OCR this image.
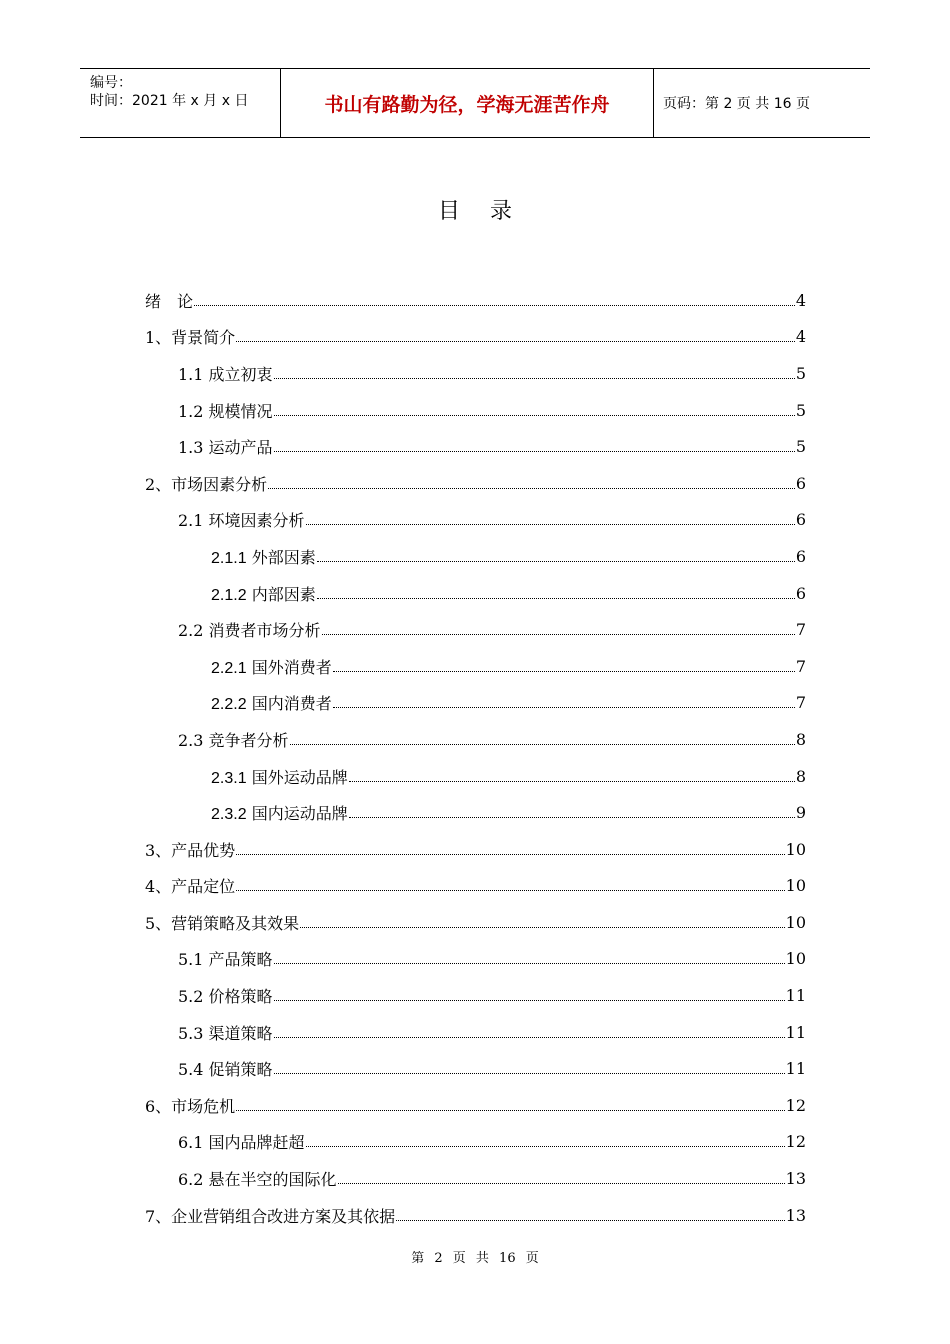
编号：
时间：2021 年 x 月 x 日	书山有路勤为径，学海无涯苦作舟	页码：第 2 页 共 16 页
目录
绪　论	4
1、背景简介	4
1.1 成立初衷	5
1.2 规模情况	5
1.3 运动产品	5
2、市场因素分析	6
2.1 环境因素分析	6
2.1.1 外部因素	6
2.1.2 内部因素	6
2.2 消费者市场分析	7
2.2.1 国外消费者	7
2.2.2 国内消费者	7
2.3 竞争者分析	8
2.3.1 国外运动品牌	8
2.3.2 国内运动品牌	9
3、产品优势	10
4、产品定位	10
5、营销策略及其效果	10
5.1 产品策略	10
5.2 价格策略	11
5.3 渠道策略	11
5.4 促销策略	11
6、市场危机	12
6.1 国内品牌赶超	12
6.2 悬在半空的国际化	13
7、企业营销组合改进方案及其依据	13
第 2 页 共 16 页
